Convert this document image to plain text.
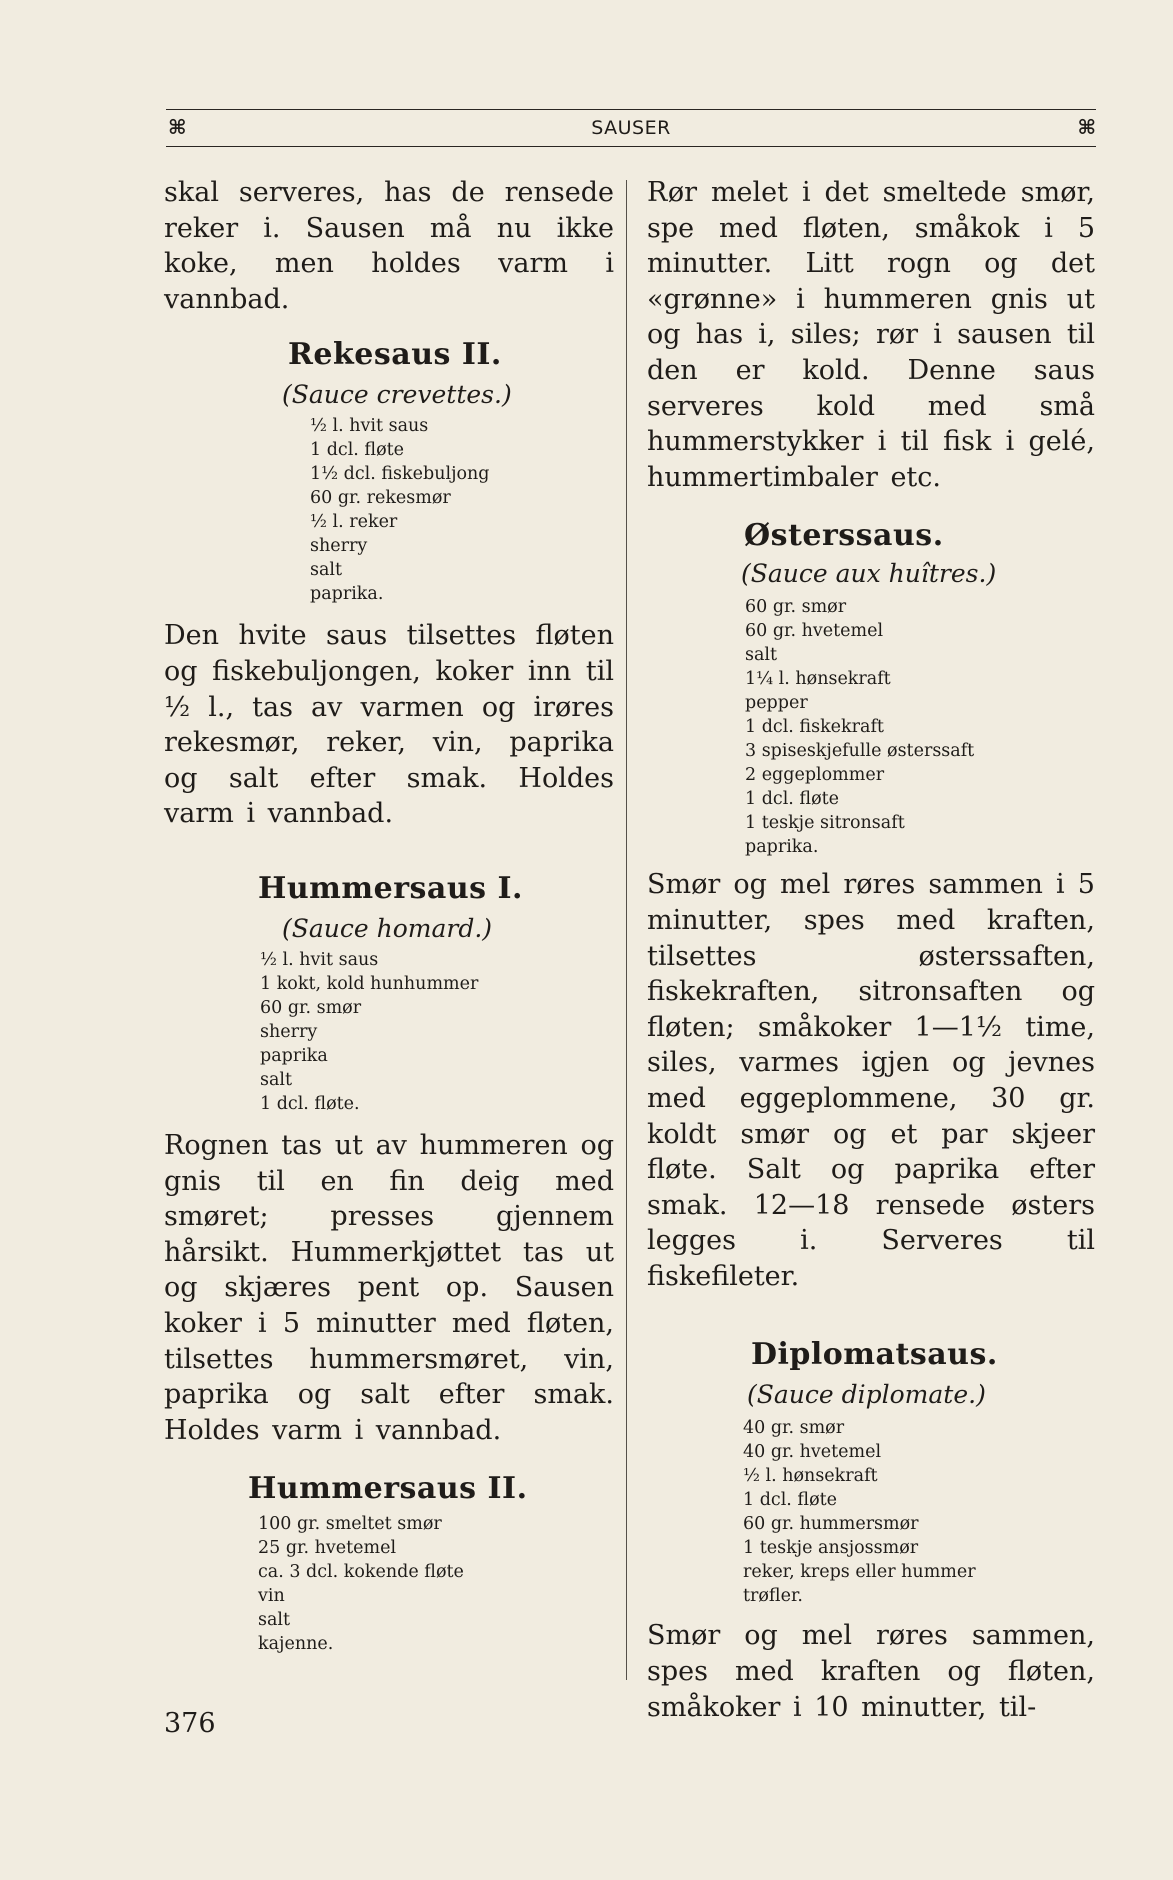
⌘	SAUSER	⌘

skal serveres, has de rensede reker i. Sausen må nu ikke koke, men holdes varm i vannbad.

Rekesaus II.

(Sauce crevettes.)

½ l. hvit saus
1 dcl. fløte
1½ dcl. fiskebuljong
60 gr. rekesmør
½ l. reker
sherry
salt
paprika.

Den hvite saus tilsettes fløten og fiskebuljongen, koker inn til ½ l., tas av varmen og irøres rekesmør, reker, vin, paprika og salt efter smak. Holdes varm i vannbad.

Hummersaus I.

(Sauce homard.)

½ l. hvit saus
1 kokt, kold hunhummer
60 gr. smør
sherry
paprika
salt
1 dcl. fløte.

Rognen tas ut av hummeren og gnis til en fin deig med smøret; presses gjennem hårsikt. Hummerkjøttet tas ut og skjæres pent op. Sausen koker i 5 minutter med fløten, tilsettes hummersmøret, vin, paprika og salt efter smak. Holdes varm i vannbad.

Hummersaus II.
100 gr. smeltet smør
25 gr. hvetemel
ca. 3 dcl. kokende fløte
vin
salt
kajenne.

Rør melet i det smeltede smør, spe med fløten, småkok i 5 minutter. Litt rogn og det «grønne» i hummeren gnis ut og has i, siles; rør i sausen til den er kold. Denne saus serveres kold med små hummerstykker i til fisk i gelé, hummertimbaler etc.

Østerssaus.

(Sauce aux huîtres.)

60 gr. smør
60 gr. hvetemel
salt
1¼ l. hønsekraft
pepper
1 dcl. fiskekraft
3 spiseskjefulle østerssaft
2 eggeplommer
1 dcl. fløte
1 teskje sitronsaft
paprika.

Smør og mel røres sammen i 5 minutter, spes med kraften, tilsettes østerssaften, fiskekraften, sitronsaften og fløten; småkoker 1—1½ time, siles, varmes igjen og jevnes med eggeplommene, 30 gr. koldt smør og et par skjeer fløte. Salt og paprika efter smak. 12—18 rensede østers legges i. Serveres til fiskefileter.

Diplomatsaus.

(Sauce diplomate.)

40 gr. smør
40 gr. hvetemel
½ l. hønsekraft
1 dcl. fløte
60 gr. hummersmør
1 teskje ansjossmør
reker, kreps eller hummer
trøfler.

Smør og mel røres sammen, spes med kraften og fløten, småkoker i 10 minutter, til-

376
